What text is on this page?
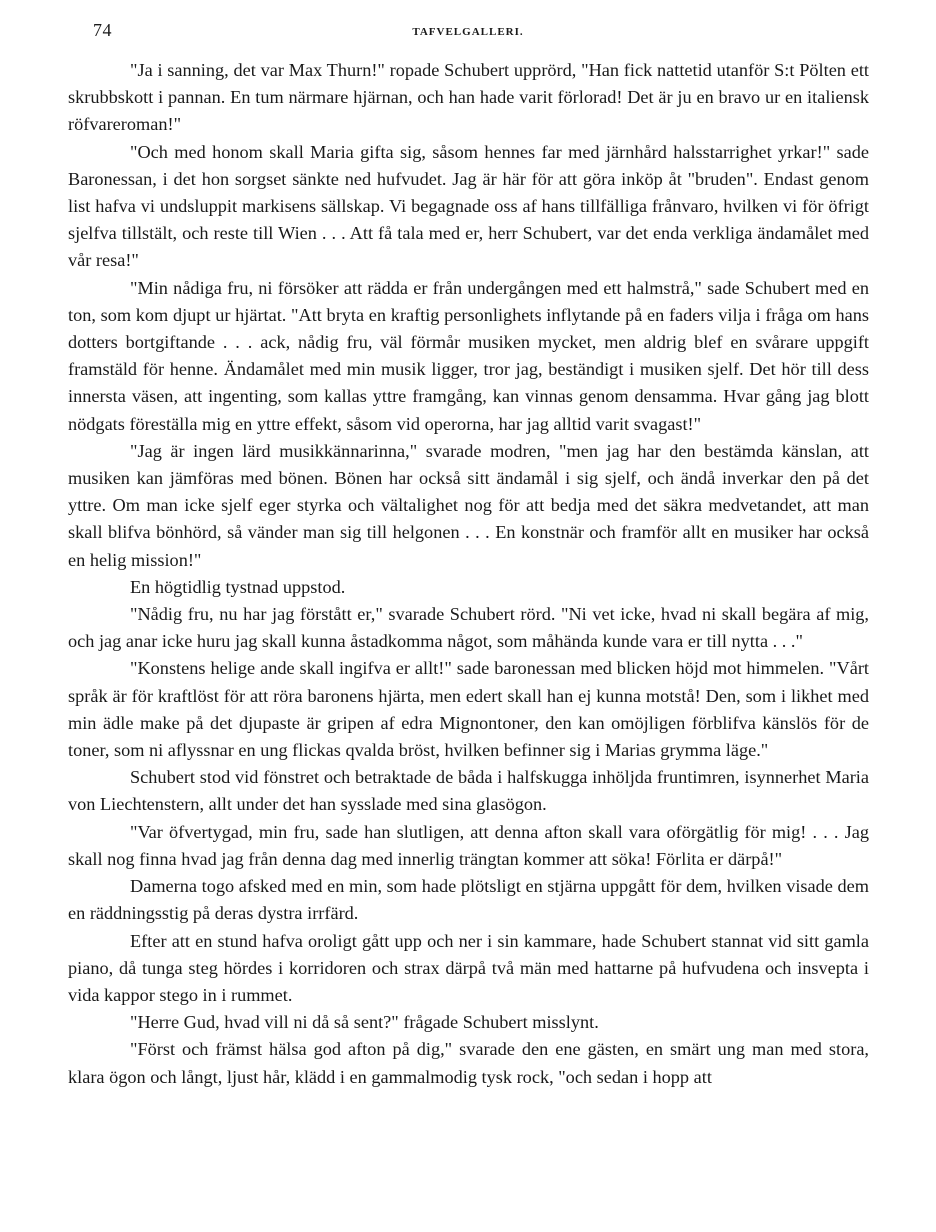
74	TAFVELGALLERI.

"Ja i sanning, det var Max Thurn!" ropade Schubert upprörd, "Han fick nattetid utanför S:t Pölten ett skrubbskott i pannan. En tum närmare hjärnan, och han hade varit förlorad! Det är ju en bravo ur en italiensk röfvareroman!"

"Och med honom skall Maria gifta sig, såsom hennes far med järnhård halsstarrighet yrkar!" sade Baronessan, i det hon sorgset sänkte ned hufvudet. Jag är här för att göra inköp åt "bruden". Endast genom list hafva vi undsluppit markisens sällskap. Vi begagnade oss af hans tillfälliga frånvaro, hvilken vi för öfrigt sjelfva tillstält, och reste till Wien . . . Att få tala med er, herr Schubert, var det enda verkliga ändamålet med vår resa!"

"Min nådiga fru, ni försöker att rädda er från undergången med ett halmstrå," sade Schubert med en ton, som kom djupt ur hjärtat. "Att bryta en kraftig personlighets inflytande på en faders vilja i fråga om hans dotters bortgiftande . . . ack, nådig fru, väl förmår musiken mycket, men aldrig blef en svårare uppgift framstäld för henne. Ändamålet med min musik ligger, tror jag, beständigt i musiken sjelf. Det hör till dess innersta väsen, att ingenting, som kallas yttre framgång, kan vinnas genom densamma. Hvar gång jag blott nödgats föreställa mig en yttre effekt, såsom vid operorna, har jag alltid varit svagast!"

"Jag är ingen lärd musikkännarinna," svarade modren, "men jag har den bestämda känslan, att musiken kan jämföras med bönen. Bönen har också sitt ändamål i sig sjelf, och ändå inverkar den på det yttre. Om man icke sjelf eger styrka och vältalighet nog för att bedja med det säkra medvetandet, att man skall blifva bönhörd, så vänder man sig till helgonen . . . En konstnär och framför allt en musiker har också en helig mission!"

En högtidlig tystnad uppstod.

"Nådig fru, nu har jag förstått er," svarade Schubert rörd. "Ni vet icke, hvad ni skall begära af mig, och jag anar icke huru jag skall kunna åstadkomma något, som måhända kunde vara er till nytta . . ."

"Konstens helige ande skall ingifva er allt!" sade baronessan med blicken höjd mot himmelen. "Vårt språk är för kraftlöst för att röra baronens hjärta, men edert skall han ej kunna motstå! Den, som i likhet med min ädle make på det djupaste är gripen af edra Mignontoner, den kan omöjligen förblifva känslös för de toner, som ni aflyssnar en ung flickas qvalda bröst, hvilken befinner sig i Marias grymma läge."

Schubert stod vid fönstret och betraktade de båda i halfskugga inhöljda fruntimren, isynnerhet Maria von Liechtenstern, allt under det han sysslade med sina glasögon.

"Var öfvertygad, min fru, sade han slutligen, att denna afton skall vara oförgätlig för mig! . . . Jag skall nog finna hvad jag från denna dag med innerlig trängtan kommer att söka! Förlita er därpå!"

Damerna togo afsked med en min, som hade plötsligt en stjärna uppgått för dem, hvilken visade dem en räddningsstig på deras dystra irrfärd.

Efter att en stund hafva oroligt gått upp och ner i sin kammare, hade Schubert stannat vid sitt gamla piano, då tunga steg hördes i korridoren och strax därpå två män med hattarne på hufvudena och insvepta i vida kappor stego in i rummet.

"Herre Gud, hvad vill ni då så sent?" frågade Schubert misslynt.

"Först och främst hälsa god afton på dig," svarade den ene gästen, en smärt ung man med stora, klara ögon och långt, ljust hår, klädd i en gammalmodig tysk rock, "och sedan i hopp att
